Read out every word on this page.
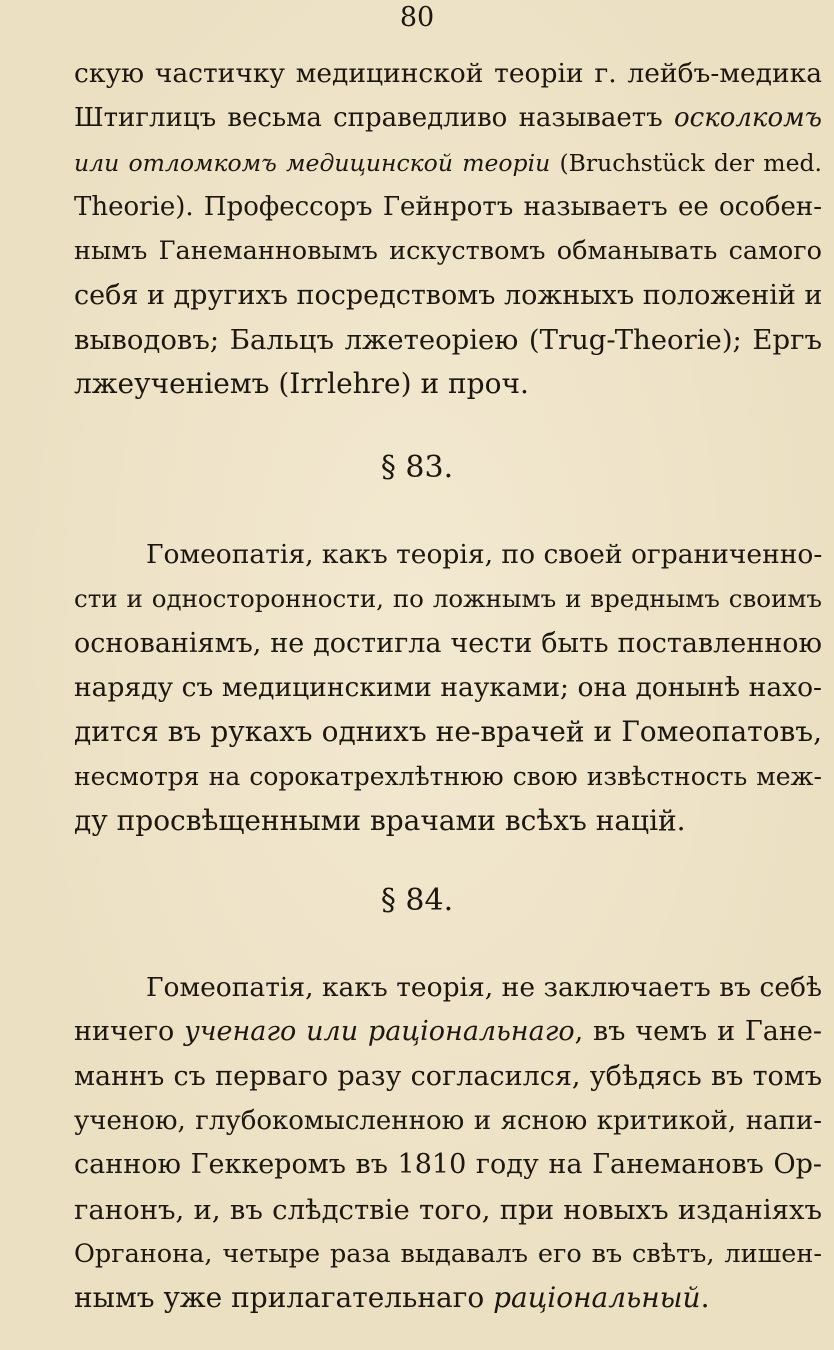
80
скую частичку медицинской теоріи г. лейбъ-медика
Штиглицъ весьма справедливо называетъ осколкомъ
или отломкомъ медицинской теоріи (Bruchstück der med.
Theorie). Профессоръ Гейнротъ называетъ ее особен-
нымъ Ганеманновымъ искуствомъ обманывать самого
себя и другихъ посредствомъ ложныхъ положеній и
выводовъ; Бальцъ лжетеоріею (Trug-Theorie); Ергъ
лжеученіемъ (Irrlehre) и проч.
§ 83.
Гомеопатія, какъ теорія, по своей ограниченно-
сти и односторонности, по ложнымъ и вреднымъ своимъ
основаніямъ, не достигла чести быть поставленною
наряду съ медицинскими науками; она донынѣ нахо-
дится въ рукахъ однихъ не-врачей и Гомеопатовъ,
несмотря на сорокатрехлѣтнюю свою извѣстность меж-
ду просвѣщенными врачами всѣхъ націй.
§ 84.
Гомеопатія, какъ теорія, не заключаетъ въ себѣ
ничего ученаго или раціональнаго, въ чемъ и Гане-
маннъ съ перваго разу согласился, убѣдясь въ томъ
ученою, глубокомысленною и ясною критикой, напи-
санною Геккеромъ въ 1810 году на Ганемановъ Ор-
ганонъ, и, въ слѣдствіе того, при новыхъ изданіяхъ
Органона, четыре раза выдавалъ его въ свѣтъ, лишен-
нымъ уже прилагательнаго раціональный.
